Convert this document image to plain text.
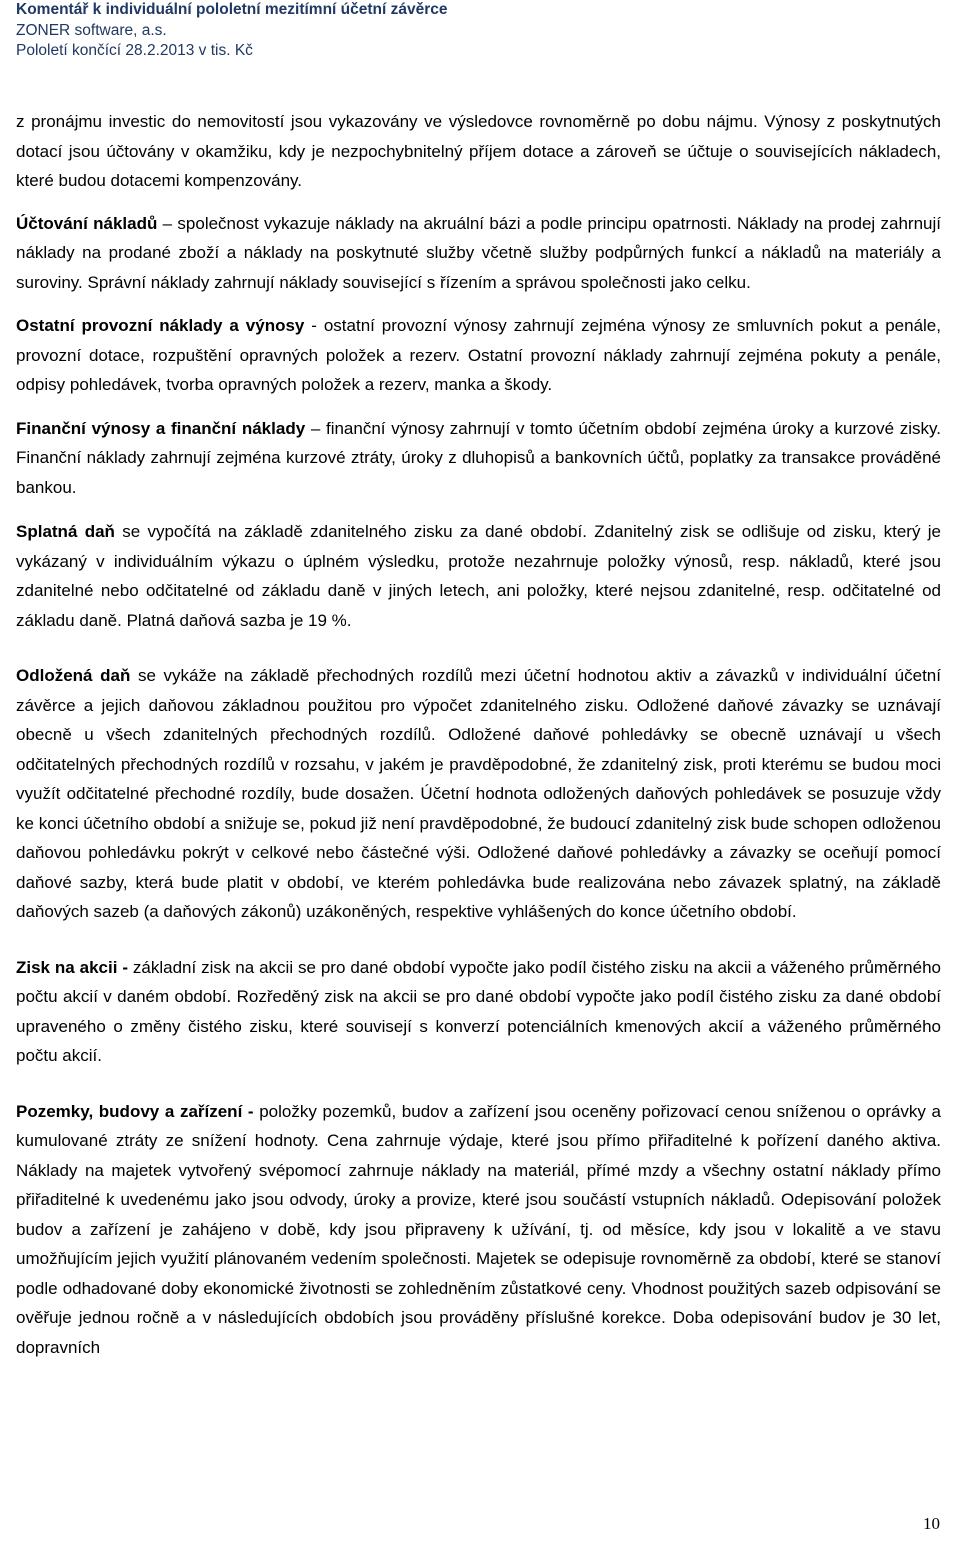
Komentář k individuální pololetní mezitímní účetní závěrce
ZONER software, a.s.
Pololetí končící 28.2.2013 v tis. Kč

z pronájmu investic do nemovitostí jsou vykazovány ve výsledovce rovnoměrně po dobu nájmu. Výnosy z poskytnutých dotací jsou účtovány v okamžiku, kdy je nezpochybnitelný příjem dotace a zároveň se účtuje o souvisejících nákladech, které budou dotacemi kompenzovány.

Účtování nákladů – společnost vykazuje náklady na akruální bázi a podle principu opatrnosti. Náklady na prodej zahrnují náklady na prodané zboží a náklady na poskytnuté služby včetně služby podpůrných funkcí a nákladů na materiály a suroviny. Správní náklady zahrnují náklady související s řízením a správou společnosti jako celku.

Ostatní provozní náklady a výnosy - ostatní provozní výnosy zahrnují zejména výnosy ze smluvních pokut a penále, provozní dotace, rozpuštění opravných položek a rezerv. Ostatní provozní náklady zahrnují zejména pokuty a penále, odpisy pohledávek, tvorba opravných položek a rezerv, manka a škody.

Finanční výnosy a finanční náklady – finanční výnosy zahrnují v tomto účetním období zejména úroky a kurzové zisky. Finanční náklady zahrnují zejména kurzové ztráty, úroky z dluhopisů a bankovních účtů, poplatky za transakce prováděné bankou.

Splatná daň se vypočítá na základě zdanitelného zisku za dané období. Zdanitelný zisk se odlišuje od zisku, který je vykázaný v individuálním výkazu o úplném výsledku, protože nezahrnuje položky výnosů, resp. nákladů, které jsou zdanitelné nebo odčitatelné od základu daně v jiných letech, ani položky, které nejsou zdanitelné, resp. odčitatelné od základu daně. Platná daňová sazba je 19 %.

Odložená daň se vykáže na základě přechodných rozdílů mezi účetní hodnotou aktiv a závazků v individuální účetní závěrce a jejich daňovou základnou použitou pro výpočet zdanitelného zisku. Odložené daňové závazky se uznávají obecně u všech zdanitelných přechodných rozdílů. Odložené daňové pohledávky se obecně uznávají u všech odčitatelných přechodných rozdílů v rozsahu, v jakém je pravděpodobné, že zdanitelný zisk, proti kterému se budou moci využít odčitatelné přechodné rozdíly, bude dosažen. Účetní hodnota odložených daňových pohledávek se posuzuje vždy ke konci účetního období a snižuje se, pokud již není pravděpodobné, že budoucí zdanitelný zisk bude schopen odloženou daňovou pohledávku pokrýt v celkové nebo částečné výši. Odložené daňové pohledávky a závazky se oceňují pomocí daňové sazby, která bude platit v období, ve kterém pohledávka bude realizována nebo závazek splatný, na základě daňových sazeb (a daňových zákonů) uzákoněných, respektive vyhlášených do konce účetního období.

Zisk na akcii - základní zisk na akcii se pro dané období vypočte jako podíl čistého zisku na akcii a váženého průměrného počtu akcií v daném období. Rozředěný zisk na akcii se pro dané období vypočte jako podíl čistého zisku za dané období upraveného o změny čistého zisku, které souvisejí s konverzí potenciálních kmenových akcií a váženého průměrného počtu akcií.

Pozemky, budovy a zařízení - položky pozemků, budov a zařízení jsou oceněny pořizovací cenou sníženou o oprávky a kumulované ztráty ze snížení hodnoty. Cena zahrnuje výdaje, které jsou přímo přiřaditelné k pořízení daného aktiva. Náklady na majetek vytvořený svépomocí zahrnuje náklady na materiál, přímé mzdy a všechny ostatní náklady přímo přiřaditelné k uvedenému jako jsou odvody, úroky a provize, které jsou součástí vstupních nákladů. Odepisování položek budov a zařízení je zahájeno v době, kdy jsou připraveny k užívání, tj. od měsíce, kdy jsou v lokalitě a ve stavu umožňujícím jejich využití plánovaném vedením společnosti. Majetek se odepisuje rovnoměrně za období, které se stanoví podle odhadované doby ekonomické životnosti se zohledněním zůstatkové ceny. Vhodnost použitých sazeb odpisování se ověřuje jednou ročně a v následujících obdobích jsou prováděny příslušné korekce. Doba odepisování budov je 30 let, dopravních

10
